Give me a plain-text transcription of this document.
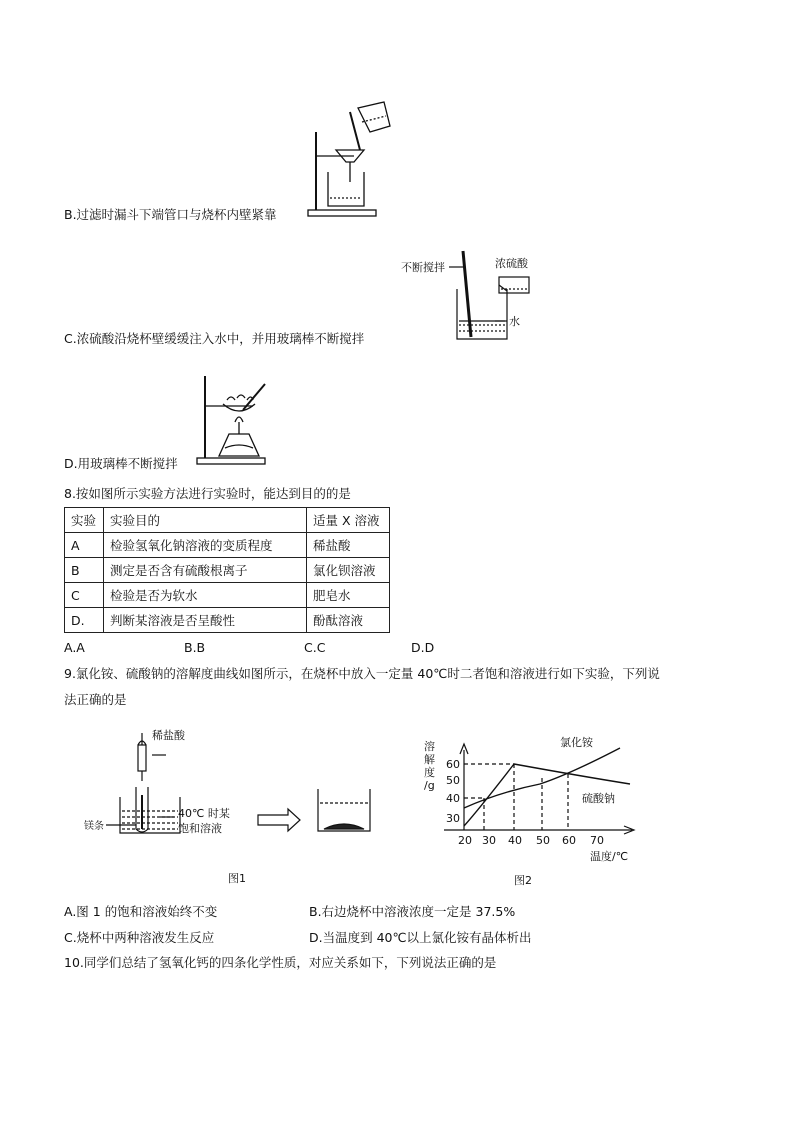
B.过滤时漏斗下端管口与烧杯内壁紧靠
不断搅拌	浓硫酸
水
C.浓硫酸沿烧杯壁缓缓注入水中，并用玻璃棒不断搅拌
D.用玻璃棒不断搅拌
8.按如图所示实验方法进行实验时，能达到目的的是
实验	实验目的	适量 X 溶液
A	检验氢氧化钠溶液的变质程度	稀盐酸
B	测定是否含有硫酸根离子	氯化钡溶液
C	检验是否为软水	肥皂水
D.	判断某溶液是否呈酸性	酚酞溶液
A.A	B.B	C.C	D.D
9.氯化铵、硫酸钠的溶解度曲线如图所示，在烧杯中放入一定量 40℃时二者饱和溶液进行如下实验，下列说
法正确的是
稀盐酸
镁条
40℃ 时某
饱和溶液
图1
溶
解
度
/g
30
40
50
60
20 30 40 50 60 70
温度/℃
氯化铵
硫酸钠
图2
A.图 1 的饱和溶液始终不变	B.右边烧杯中溶液浓度一定是 37.5%
C.烧杯中两种溶液发生反应	D.当温度到 40℃以上氯化铵有晶体析出
10.同学们总结了氢氧化钙的四条化学性质，对应关系如下，下列说法正确的是
